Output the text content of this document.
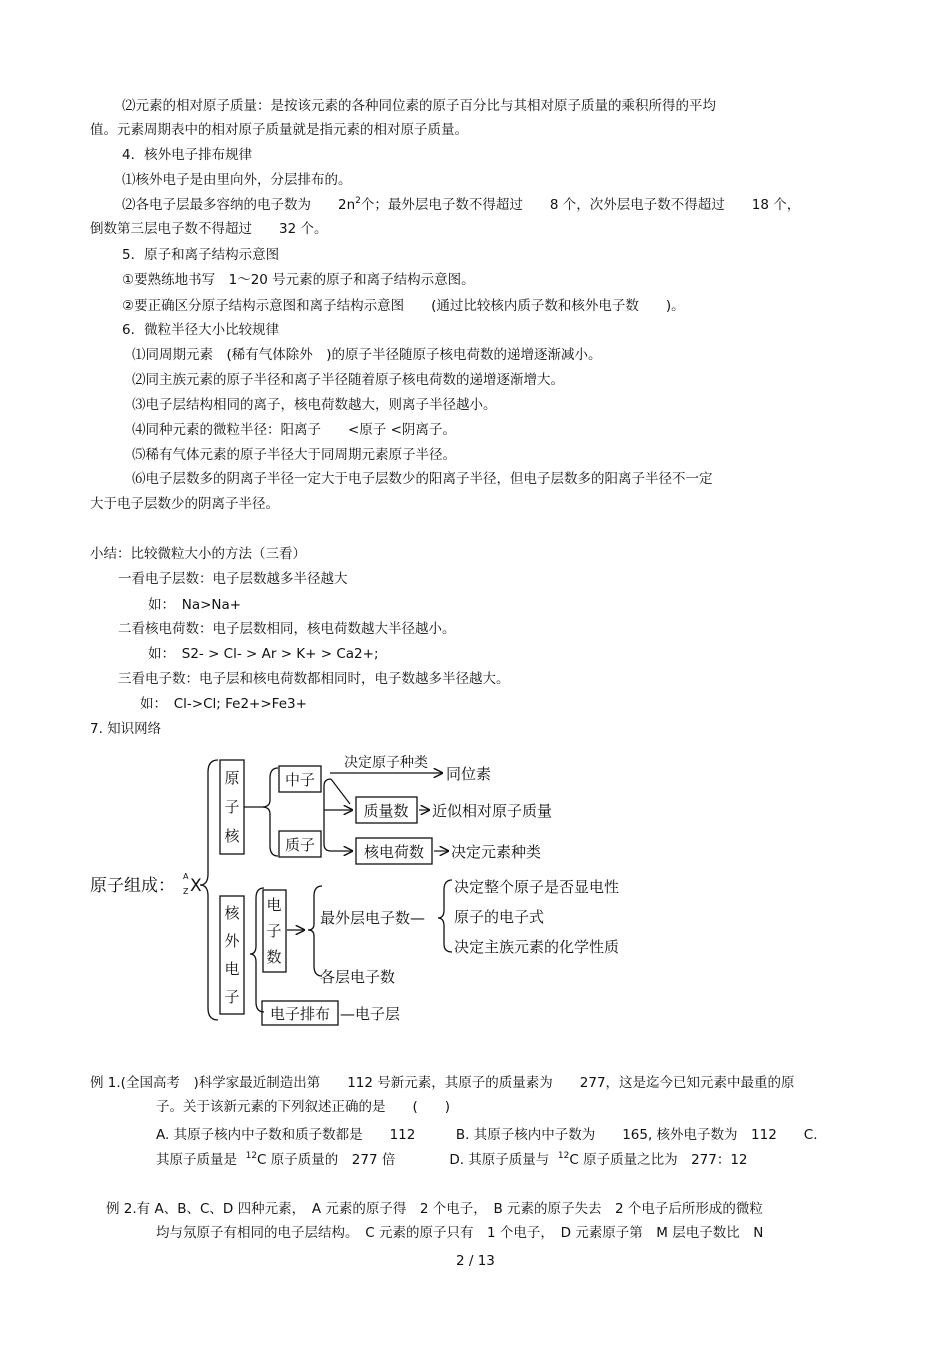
⑵元素的相对原子质量：是按该元素的各种同位素的原子百分比与其相对原子质量的乘积所得的平均
值。元素周期表中的相对原子质量就是指元素的相对原子质量。
4．核外电子排布规律
⑴核外电子是由里向外，分层排布的。
⑵各电子层最多容纳的电子数为　　$2n^2$个；最外层电子数不得超过　　8 个，次外层电子数不得超过　　18 个，
倒数第三层电子数不得超过　　32 个。
5．原子和离子结构示意图
①要熟练地书写　1～20 号元素的原子和离子结构示意图。
②要正确区分原子结构示意图和离子结构示意图　　(通过比较核内质子数和核外电子数　　)。
6．微粒半径大小比较规律
⑴同周期元素　(稀有气体除外　)的原子半径随原子核电荷数的递增逐渐减小。
⑵同主族元素的原子半径和离子半径随着原子核电荷数的递增逐渐增大。
⑶电子层结构相同的离子，核电荷数越大，则离子半径越小。
⑷同种元素的微粒半径：阳离子　　<原子 <阴离子。
⑸稀有气体元素的原子半径大于同周期元素原子半径。
⑹电子层数多的阴离子半径一定大于电子层数少的阳离子半径，但电子层数多的阳离子半径不一定
大于电子层数少的阴离子半径。
小结：比较微粒大小的方法（三看）
一看电子层数：电子层数越多半径越大
如：　Na>Na+
二看核电荷数：电子层数相同，核电荷数越大半径越小。
如：　S2- > Cl- > Ar > K+ > Ca2+;
三看电子数：电子层和核电荷数都相同时，电子数越多半径越大。
如：　Cl->Cl; Fe2+>Fe3+
7. 知识网络
原子组成： A
Z X
原
子
核
中子
决定原子种类
同位素
质子
质量数 近似相对原子质量
核电荷数 决定元素种类
核
外
电
子
电
子
数
最外层电子数—
各层电子数
决定整个原子是否显电性
原子的电子式
决定主族元素的化学性质
电子排布 —电子层
例 1.(全国高考　)科学家最近制造出第　　112 号新元素，其原子的质量素为　　277，这是迄今已知元素中最重的原
子。关于该新元素的下列叙述正确的是　　(　　)
A. 其原子核内中子数和质子数都是　　112　　　B. 其原子核内中子数为　　165, 核外电子数为　112　　C.
其原子质量是 $^{12}$C 原子质量的　277 倍　　　　D. 其原子质量与 $^{12}$C 原子质量之比为　277：12
例 2.有 A、B、C、D 四种元素，　A 元素的原子得　2 个电子，　B 元素的原子失去　2 个电子后所形成的微粒
均与氖原子有相同的电子层结构。　C 元素的原子只有　1 个电子，　D 元素原子第　M 层电子数比　N
2 / 13
